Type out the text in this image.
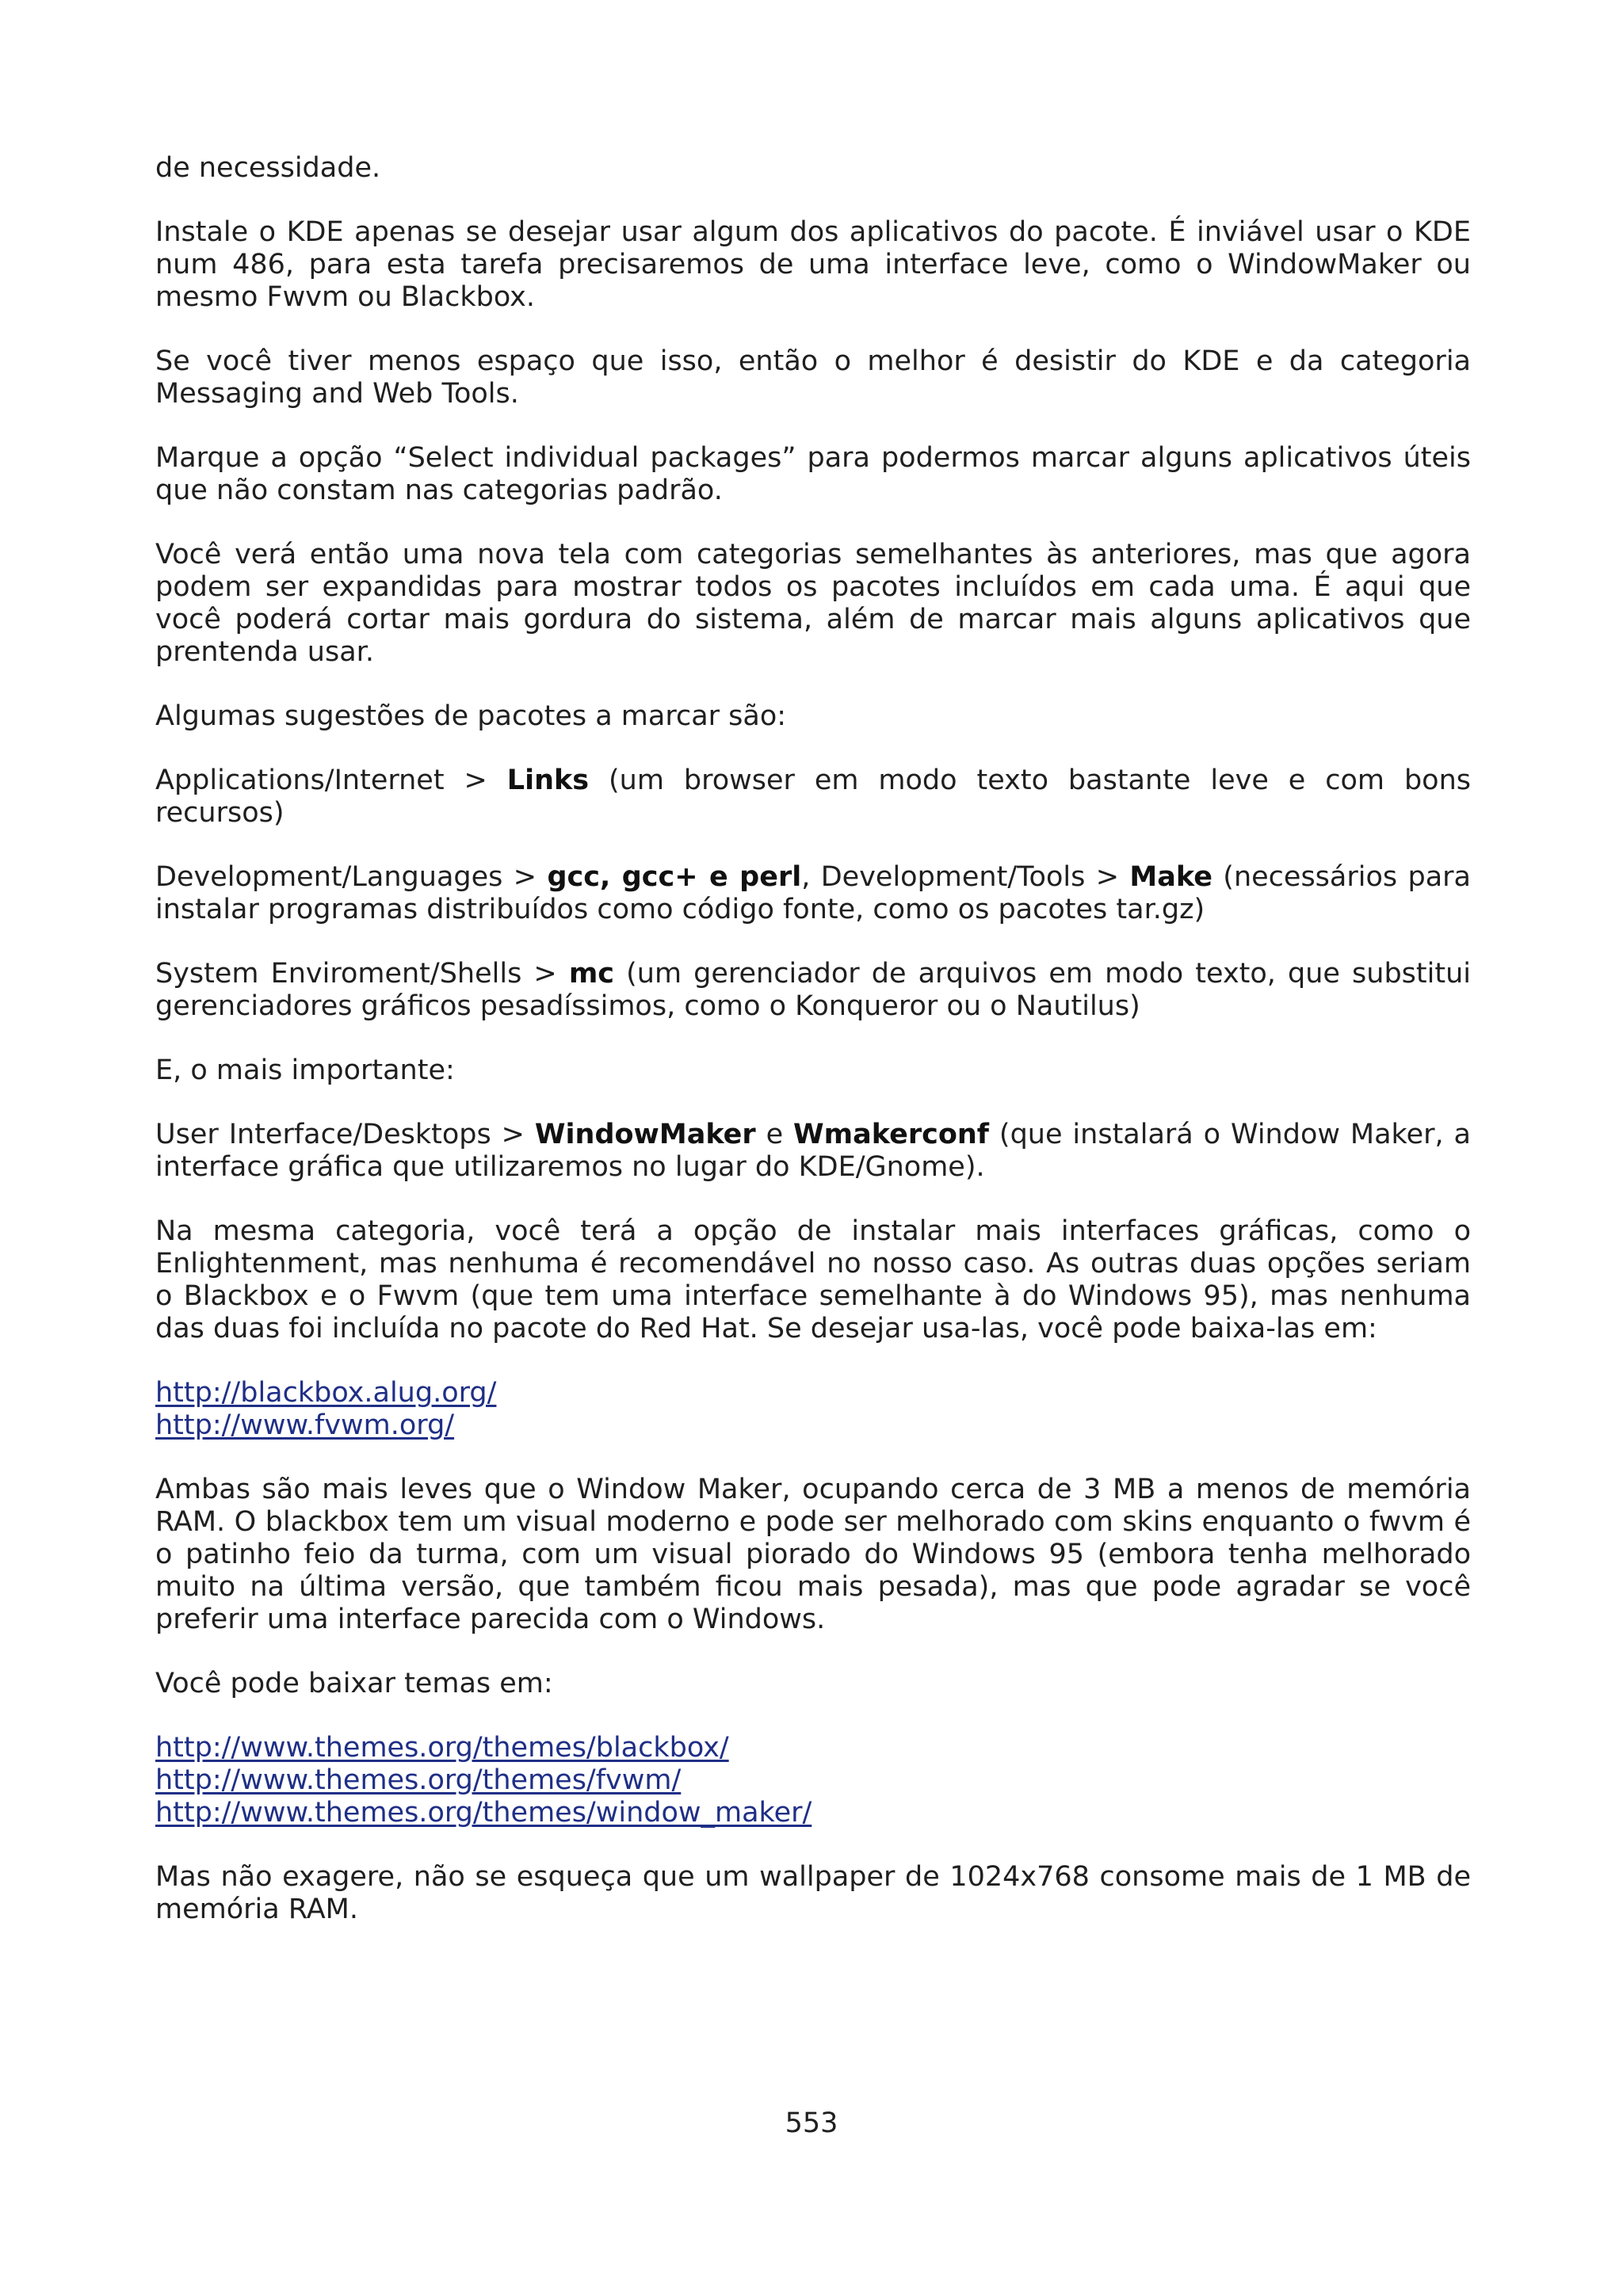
de necessidade.

Instale o KDE apenas se desejar usar algum dos aplicativos do pacote. É inviável usar o KDE num 486, para esta tarefa precisaremos de uma interface leve, como o WindowMaker ou mesmo Fwvm ou Blackbox.

Se você tiver menos espaço que isso, então o melhor é desistir do KDE e da categoria Messaging and Web Tools.

Marque a opção “Select individual packages” para podermos marcar alguns aplicativos úteis que não constam nas categorias padrão.

Você verá então uma nova tela com categorias semelhantes às anteriores, mas que agora podem ser expandidas para mostrar todos os pacotes incluídos em cada uma. É aqui que você poderá cortar mais gordura do sistema, além de marcar mais alguns aplicativos que prentenda usar.

Algumas sugestões de pacotes a marcar são:

Applications/Internet > Links (um browser em modo texto bastante leve e com bons recursos)

Development/Languages > gcc, gcc+ e perl, Development/Tools > Make (necessários para instalar programas distribuídos como código fonte, como os pacotes tar.gz)

System Enviroment/Shells > mc (um gerenciador de arquivos em modo texto, que substitui gerenciadores gráficos pesadíssimos, como o Konqueror ou o Nautilus)

E, o mais importante:

User Interface/Desktops > WindowMaker e Wmakerconf (que instalará o Window Maker, a interface gráfica que utilizaremos no lugar do KDE/Gnome).

Na mesma categoria, você terá a opção de instalar mais interfaces gráficas, como o Enlightenment, mas nenhuma é recomendável no nosso caso. As outras duas opções seriam o Blackbox e o Fwvm (que tem uma interface semelhante à do Windows 95), mas nenhuma das duas foi incluída no pacote do Red Hat. Se desejar usa-las, você pode baixa-las em:

http://blackbox.alug.org/
http://www.fvwm.org/

Ambas são mais leves que o Window Maker, ocupando cerca de 3 MB a menos de memória RAM. O blackbox tem um visual moderno e pode ser melhorado com skins enquanto o fwvm é o patinho feio da turma, com um visual piorado do Windows 95 (embora tenha melhorado muito na última versão, que também ficou mais pesada), mas que pode agradar se você preferir uma interface parecida com o Windows.

Você pode baixar temas em:

http://www.themes.org/themes/blackbox/
http://www.themes.org/themes/fvwm/
http://www.themes.org/themes/window_maker/

Mas não exagere, não se esqueça que um wallpaper de 1024x768 consome mais de 1 MB de memória RAM.

553
